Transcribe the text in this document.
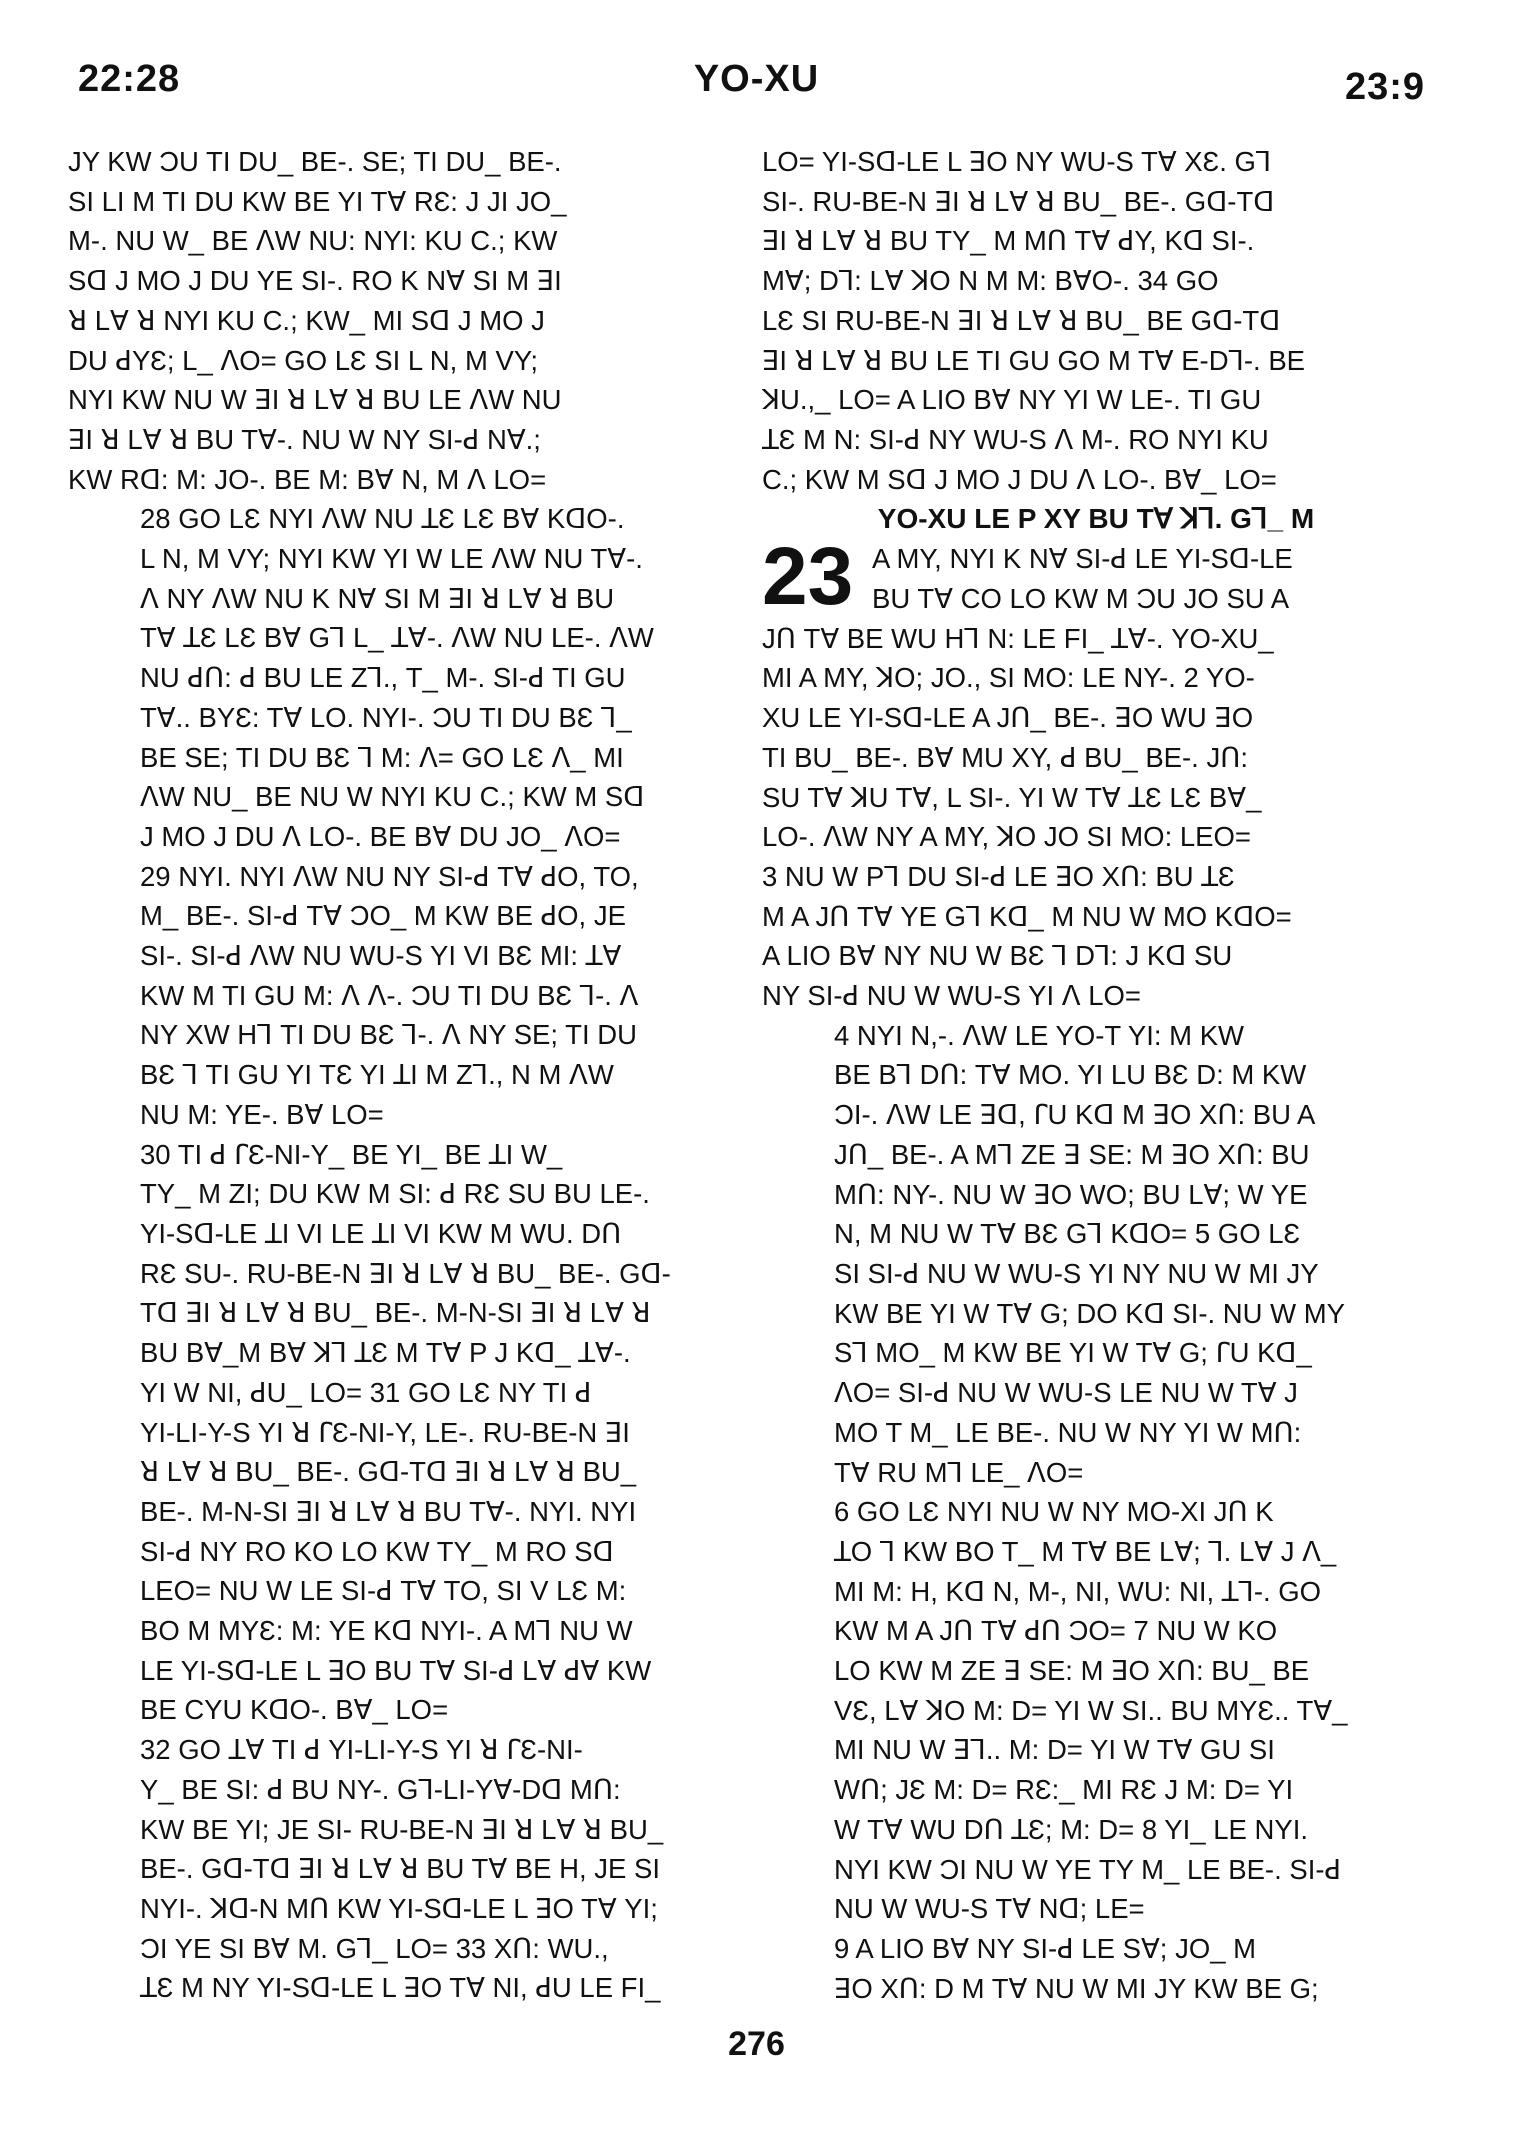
22:28	YO-XU	23:9
JY KW ƆU TI DU_ BE-. SE; TI DU_ BE-.
SI LI M TI DU KW BE YI Tꓯ RƐ: J JI JO_
M-. NU W_ BE ꓥW NU: NYI: KU C.; KW
Sꓷ J MO J DU YE SI-. RO K Nꓯ SI M ꓱI
ꓤ Lꓯ ꓤ NYI KU C.; KW_ MI Sꓷ J MO J
DU ꓒYƐ; L_ ꓥO= GO LƐ SI L N, M VY;
NYI KW NU W ꓱI ꓤ Lꓯ ꓤ BU LE ꓥW NU
ꓱI ꓤ Lꓯ ꓤ BU Tꓯ-. NU W NY SI-ꓒ Nꓯ.;
KW Rꓷ: M: JO-. BE M: Bꓯ N, M ꓥ LO=
28 GO LƐ NYI ꓥW NU ꓕƐ LƐ Bꓯ KꓷO-.
L N, M VY; NYI KW YI W LE ꓥW NU Tꓯ-.
ꓥ NY ꓥW NU K Nꓯ SI M ꓱI ꓤ Lꓯ ꓤ BU
Tꓯ ꓕƐ LƐ Bꓯ Gꓶ L_ ꓕꓯ-. ꓥW NU LE-. ꓥW
NU ꓒꓵ: ꓒ BU LE Zꓶ., T_ M-. SI-ꓒ TI GU
Tꓯ.. BYƐ: Tꓯ LO. NYI-. ƆU TI DU BƐ ꓶ_
BE SE; TI DU BƐ ꓶ M: ꓥ= GO LƐ ꓥ_ MI
ꓥW NU_ BE NU W NYI KU C.; KW M Sꓷ
J MO J DU ꓥ LO-. BE Bꓯ DU JO_ ꓥO=
29 NYI. NYI ꓥW NU NY SI-ꓒ Tꓯ ꓒO, TO,
M_ BE-. SI-ꓒ Tꓯ ƆO_ M KW BE ꓒO, JE
SI-. SI-ꓒ ꓥW NU WU-S YI VI BƐ MI: ꓕꓯ
KW M TI GU M: ꓥ ꓥ-. ƆU TI DU BƐ ꓶ-. ꓥ
NY XW Hꓶ TI DU BƐ ꓶ-. ꓥ NY SE; TI DU
BƐ ꓶ TI GU YI TƐ YI ꓕI M Zꓶ., N M ꓥW
NU M: YE-. Bꓯ LO=
30 TI ꓒ ꓩƐ-NI-Y_ BE YI_ BE ꓕI W_
TY_ M ZI; DU KW M SI: ꓒ RƐ SU BU LE-.
YI-Sꓷ-LE ꓕI VI LE ꓕI VI KW M WU. Dꓵ
RƐ SU-. RU-BE-N ꓱI ꓤ Lꓯ ꓤ BU_ BE-. Gꓷ-
Tꓷ ꓱI ꓤ Lꓯ ꓤ BU_ BE-. M-N-SI ꓱI ꓤ Lꓯ ꓤ
BU Bꓯ_M Bꓯ ꓘꓶ ꓕƐ M Tꓯ P J Kꓷ_ ꓕꓯ-.
YI W NI, ꓒU_ LO= 31 GO LƐ NY TI ꓒ
YI-LI-Y-S YI ꓤ ꓩƐ-NI-Y, LE-. RU-BE-N ꓱI
ꓤ Lꓯ ꓤ BU_ BE-. Gꓷ-Tꓷ ꓱI ꓤ Lꓯ ꓤ BU_
BE-. M-N-SI ꓱI ꓤ Lꓯ ꓤ BU Tꓯ-. NYI. NYI
SI-ꓒ NY RO KO LO KW TY_ M RO Sꓷ
LEO= NU W LE SI-ꓒ Tꓯ TO, SI V LƐ M:
BO M MYƐ: M: YE Kꓷ NYI-. A Mꓶ NU W
LE YI-Sꓷ-LE L ꓱO BU Tꓯ SI-ꓒ Lꓯ ꓒꓯ KW
BE CYU KꓷO-. Bꓯ_ LO=
32 GO ꓕꓯ TI ꓒ YI-LI-Y-S YI ꓤ ꓩƐ-NI-
Y_ BE SI: ꓒ BU NY-. Gꓶ-LI-Yꓯ-Dꓷ Mꓵ:
KW BE YI; JE SI- RU-BE-N ꓱI ꓤ Lꓯ ꓤ BU_
BE-. Gꓷ-Tꓷ ꓱI ꓤ Lꓯ ꓤ BU Tꓯ BE H, JE SI
NYI-. ꓘꓷ-N Mꓵ KW YI-Sꓷ-LE L ꓱO Tꓯ YI;
ƆI YE SI Bꓯ M. Gꓶ_ LO= 33 Xꓵ: WU.,
ꓕƐ M NY YI-Sꓷ-LE L ꓱO Tꓯ NI, ꓒU LE FI_
LO= YI-Sꓷ-LE L ꓱO NY WU-S Tꓯ XƐ. Gꓶ
SI-. RU-BE-N ꓱI ꓤ Lꓯ ꓤ BU_ BE-. Gꓷ-Tꓷ
ꓱI ꓤ Lꓯ ꓤ BU TY_ M Mꓵ Tꓯ ꓒY, Kꓷ SI-.
Mꓯ; Dꓶ: Lꓯ ꓘO N M M: BꓯO-. 34 GO
LƐ SI RU-BE-N ꓱI ꓤ Lꓯ ꓤ BU_ BE Gꓷ-Tꓷ
ꓱI ꓤ Lꓯ ꓤ BU LE TI GU GO M Tꓯ E-Dꓶ-. BE
ꓘU.,_ LO= A LIO Bꓯ NY YI W LE-. TI GU
ꓕƐ M N: SI-ꓒ NY WU-S ꓥ M-. RO NYI KU
C.; KW M Sꓷ J MO J DU ꓥ LO-. Bꓯ_ LO=
YO-XU LE P XY BU Tꓯ ꓘꓶ. Gꓶ_ M
23 A MY, NYI K Nꓯ SI-ꓒ LE YI-Sꓷ-LE
BU Tꓯ CO LO KW M ƆU JO SU A
Jꓵ Tꓯ BE WU Hꓶ N: LE FI_ ꓕꓯ-. YO-XU_
MI A MY, ꓘO; JO., SI MO: LE NY-. 2 YO-
XU LE YI-Sꓷ-LE A Jꓵ_ BE-. ꓱO WU ꓱO
TI BU_ BE-. Bꓯ MU XY, ꓒ BU_ BE-. Jꓵ:
SU Tꓯ ꓘU Tꓯ, L SI-. YI W Tꓯ ꓕƐ LƐ Bꓯ_
LO-. ꓥW NY A MY, ꓘO JO SI MO: LEO=
3 NU W Pꓶ DU SI-ꓒ LE ꓱO Xꓵ: BU ꓕƐ
M A Jꓵ Tꓯ YE Gꓶ Kꓷ_ M NU W MO KꓷO=
A LIO Bꓯ NY NU W BƐ ꓶ Dꓶ: J Kꓷ SU
NY SI-ꓒ NU W WU-S YI ꓥ LO=
4 NYI N,-. ꓥW LE YO-T YI: M KW
BE Bꓶ Dꓵ: Tꓯ MO. YI LU BƐ D: M KW
ƆI-. ꓥW LE ꓱꓷ, ꓩU Kꓷ M ꓱO Xꓵ: BU A
Jꓵ_ BE-. A Mꓶ ZE ꓱ SE: M ꓱO Xꓵ: BU
Mꓵ: NY-. NU W ꓱO WO; BU Lꓯ; W YE
N, M NU W Tꓯ BƐ Gꓶ KꓷO= 5 GO LƐ
SI SI-ꓒ NU W WU-S YI NY NU W MI JY
KW BE YI W Tꓯ G; DO Kꓷ SI-. NU W MY
Sꓶ MO_ M KW BE YI W Tꓯ G; ꓩU Kꓷ_
ꓥO= SI-ꓒ NU W WU-S LE NU W Tꓯ J
MO T M_ LE BE-. NU W NY YI W Mꓵ:
Tꓯ RU Mꓶ LE_ ꓥO=
6 GO LƐ NYI NU W NY MO-XI Jꓵ K
ꓕO ꓶ KW BO T_ M Tꓯ BE Lꓯ; ꓶ. Lꓯ J ꓥ_
MI M: H, Kꓷ N, M-, NI, WU: NI, ꓕꓶ-. GO
KW M A Jꓵ Tꓯ ꓒꓵ ƆO= 7 NU W KO
LO KW M ZE ꓱ SE: M ꓱO Xꓵ: BU_ BE
VƐ, Lꓯ ꓘO M: D= YI W SI.. BU MYƐ.. Tꓯ_
MI NU W ꓱꓶ.. M: D= YI W Tꓯ GU SI
Wꓵ; JƐ M: D= RƐ:_ MI RƐ J M: D= YI
W Tꓯ WU Dꓵ ꓕƐ; M: D= 8 YI_ LE NYI.
NYI KW ƆI NU W YE TY M_ LE BE-. SI-ꓒ
NU W WU-S Tꓯ Nꓷ; LE=
9 A LIO Bꓯ NY SI-ꓒ LE Sꓯ; JO_ M
ꓱO Xꓵ: D M Tꓯ NU W MI JY KW BE G;
276
